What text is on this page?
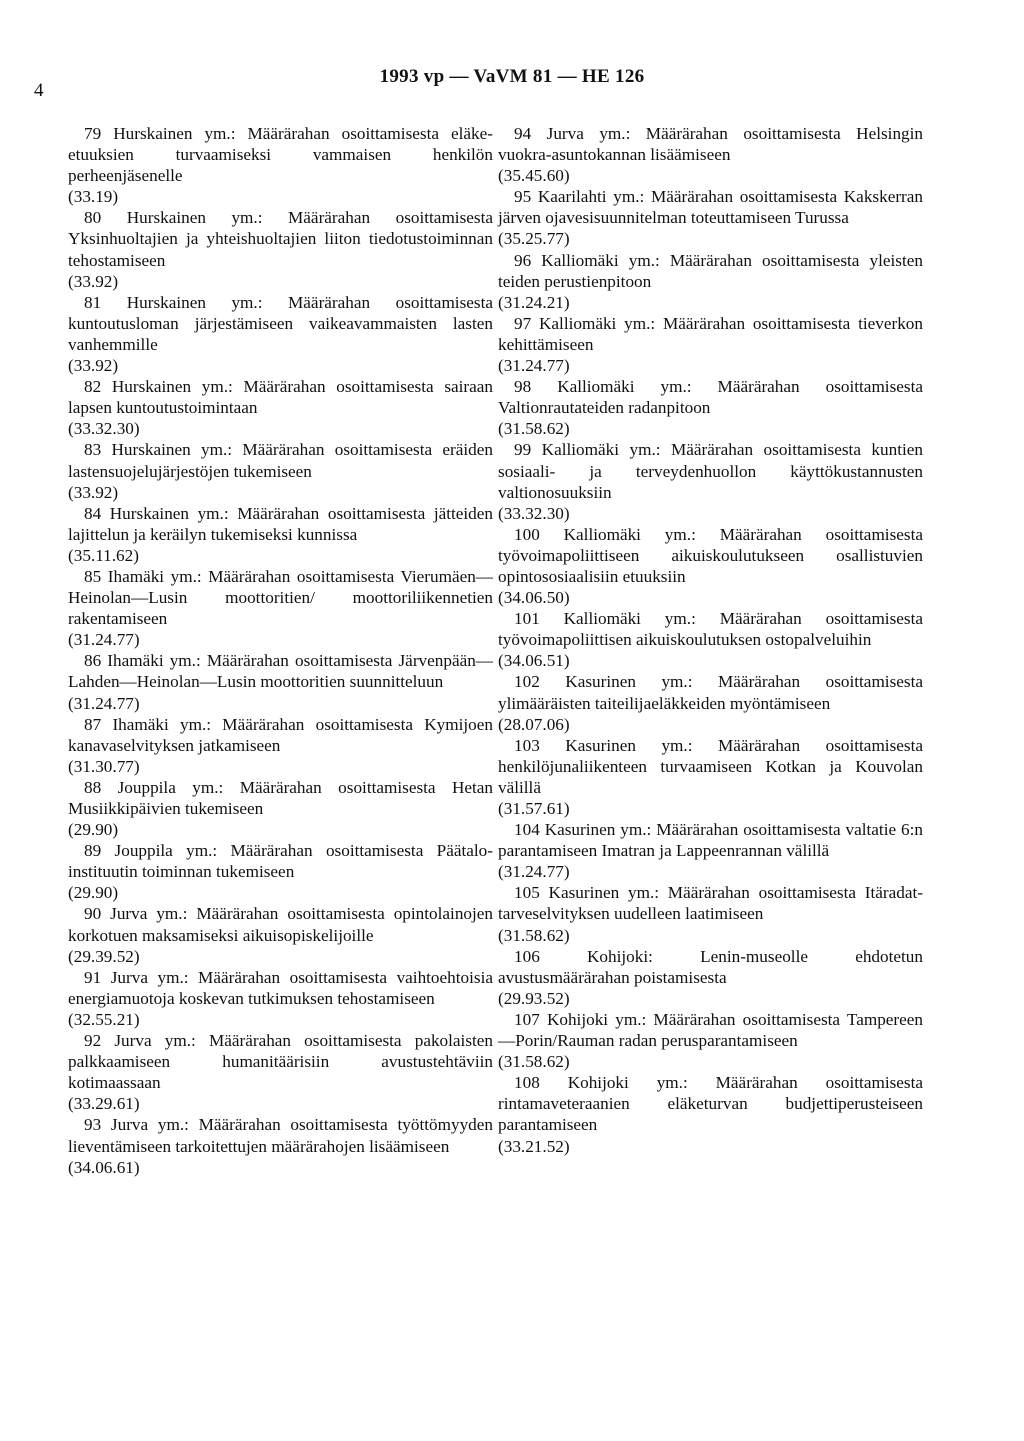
4
1993 vp — VaVM 81 — HE 126
79 Hurskainen ym.: Määrärahan osoittamisesta eläke-etuuksien turvaamiseksi vammaisen henkilön perheenjäsenelle
(33.19)
80 Hurskainen ym.: Määrärahan osoittamisesta Yksinhuoltajien ja yhteishuoltajien liiton tiedotustoiminnan tehostamiseen
(33.92)
81 Hurskainen ym.: Määrärahan osoittamisesta kuntoutusloman järjestämiseen vaikeavammaisten lasten vanhemmille
(33.92)
82 Hurskainen ym.: Määrärahan osoittamisesta sairaan lapsen kuntoutustoimintaan
(33.32.30)
83 Hurskainen ym.: Määrärahan osoittamisesta eräiden lastensuojelujärjestöjen tukemiseen
(33.92)
84 Hurskainen ym.: Määrärahan osoittamisesta jätteiden lajittelun ja keräilyn tukemiseksi kunnissa
(35.11.62)
85 Ihamäki ym.: Määrärahan osoittamisesta Vierumäen—Heinolan—Lusin moottoritien/ moottoriliikennetien rakentamiseen
(31.24.77)
86 Ihamäki ym.: Määrärahan osoittamisesta Järvenpään—Lahden—Heinolan—Lusin moottoritien suunnitteluun
(31.24.77)
87 Ihamäki ym.: Määrärahan osoittamisesta Kymijoen kanavaselvityksen jatkamiseen
(31.30.77)
88 Jouppila ym.: Määrärahan osoittamisesta Hetan Musiikkipäivien tukemiseen
(29.90)
89 Jouppila ym.: Määrärahan osoittamisesta Päätalo-instituutin toiminnan tukemiseen
(29.90)
90 Jurva ym.: Määrärahan osoittamisesta opintolainojen korkotuen maksamiseksi aikuisopiskelijoille
(29.39.52)
91 Jurva ym.: Määrärahan osoittamisesta vaihtoehtoisia energiamuotoja koskevan tutkimuksen tehostamiseen
(32.55.21)
92 Jurva ym.: Määrärahan osoittamisesta pakolaisten palkkaamiseen humanitäärisiin avustustehtäviin kotimaassaan
(33.29.61)
93 Jurva ym.: Määrärahan osoittamisesta työttömyyden lieventämiseen tarkoitettujen määrärahojen lisäämiseen
(34.06.61)
94 Jurva ym.: Määrärahan osoittamisesta Helsingin vuokra-asuntokannan lisäämiseen
(35.45.60)
95 Kaarilahti ym.: Määrärahan osoittamisesta Kakskerran järven ojavesisuunnitelman toteuttamiseen Turussa
(35.25.77)
96 Kalliomäki ym.: Määrärahan osoittamisesta yleisten teiden perustienpitoon
(31.24.21)
97 Kalliomäki ym.: Määrärahan osoittamisesta tieverkon kehittämiseen
(31.24.77)
98 Kalliomäki ym.: Määrärahan osoittamisesta Valtionrautateiden radanpitoon
(31.58.62)
99 Kalliomäki ym.: Määrärahan osoittamisesta kuntien sosiaali- ja terveydenhuollon käyttökustannusten valtionosuuksiin
(33.32.30)
100 Kalliomäki ym.: Määrärahan osoittamisesta työvoimapoliittiseen aikuiskoulutukseen osallistuvien opintososiaalisiin etuuksiin
(34.06.50)
101 Kalliomäki ym.: Määrärahan osoittamisesta työvoimapoliittisen aikuiskoulutuksen ostopalveluihin
(34.06.51)
102 Kasurinen ym.: Määrärahan osoittamisesta ylimääräisten taiteilijaeläkkeiden myöntämiseen
(28.07.06)
103 Kasurinen ym.: Määrärahan osoittamisesta henkilöjunaliikenteen turvaamiseen Kotkan ja Kouvolan välillä
(31.57.61)
104 Kasurinen ym.: Määrärahan osoittamisesta valtatie 6:n parantamiseen Imatran ja Lappeenrannan välillä
(31.24.77)
105 Kasurinen ym.: Määrärahan osoittamisesta Itäradat-tarveselvityksen uudelleen laatimiseen
(31.58.62)
106 Kohijoki: Lenin-museolle ehdotetun avustusmäärärahan poistamisesta
(29.93.52)
107 Kohijoki ym.: Määrärahan osoittamisesta Tampereen—Porin/Rauman radan perusparantamiseen
(31.58.62)
108 Kohijoki ym.: Määrärahan osoittamisesta rintamaveteraanien eläketurvan budjettiperusteiseen parantamiseen
(33.21.52)
